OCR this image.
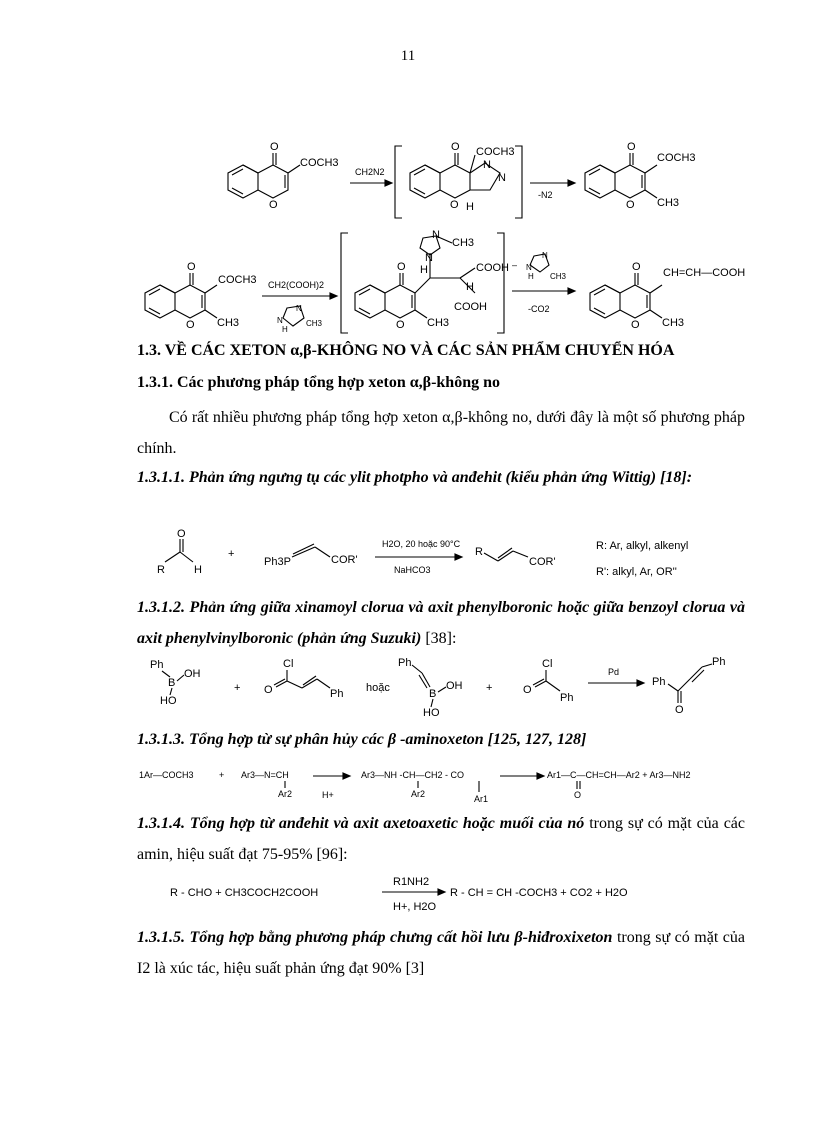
11
O
COCH3
O
CH2N2
O COCH3
O H
N
N
-N2
O
COCH3
CH3
O
O
COCH3
CH3
O
CH2(COOH)2
N
N
H
CH3
O
O CH3
H
N
N
CH3
COOH
H
COOH
–
N
N
H CH3
-CO2
O CH=CH—COOH
CH3
O
1.3. VỀ CÁC XETON α,β-KHÔNG NO VÀ CÁC SẢN PHẨM CHUYỂN HÓA
1.3.1. Các phương pháp tổng hợp xeton α,β-không no
Có rất nhiều phương pháp tổng hợp xeton α,β-không no, dưới đây là một số phương pháp chính.
1.3.1.1. Phản ứng ngưng tụ các ylit photpho và anđehit (kiểu phản ứng Wittig) [18]:
O
R	H
+
Ph3P	COR'
H2O, 20 hoặc 90°C
NaHCO3
R
COR'
R: Ar, alkyl, alkenyl
R': alkyl, Ar, OR''
1.3.1.2. Phản ứng giữa xinamoyl clorua và axit phenylboronic hoặc giữa benzoyl clorua và axit phenylvinylboronic (phản ứng Suzuki) [38]:
Ph
B
OH
HO
+
Cl
O	Ph hoặc
Ph
B
OH
HO
+
Cl
O
Ph
Pd
Ph
O
Ph
1.3.1.3. Tổng hợp từ sự phân hủy các β -aminoxeton [125, 127, 128]
1Ar—COCH3	+ Ar3—N=CH
Ar2	H+
Ar3—NH -CH—CH2 - CO
Ar2	Ar1
Ar1—C—CH=CH—Ar2 + Ar3—NH2
O
1.3.1.4. Tổng hợp từ anđehit và axit axetoaxetic hoặc muối của nó trong sự có mặt của các amin, hiệu suất đạt 75-95% [96]:
R - CHO + CH3COCH2COOH
R1NH2
H+, H2O
R - CH = CH -COCH3 + CO2 + H2O
1.3.1.5. Tổng hợp bằng phương pháp chưng cất hồi lưu β-hiđroxixeton trong sự có mặt của I2 là xúc tác, hiệu suất phản ứng đạt 90% [3]
